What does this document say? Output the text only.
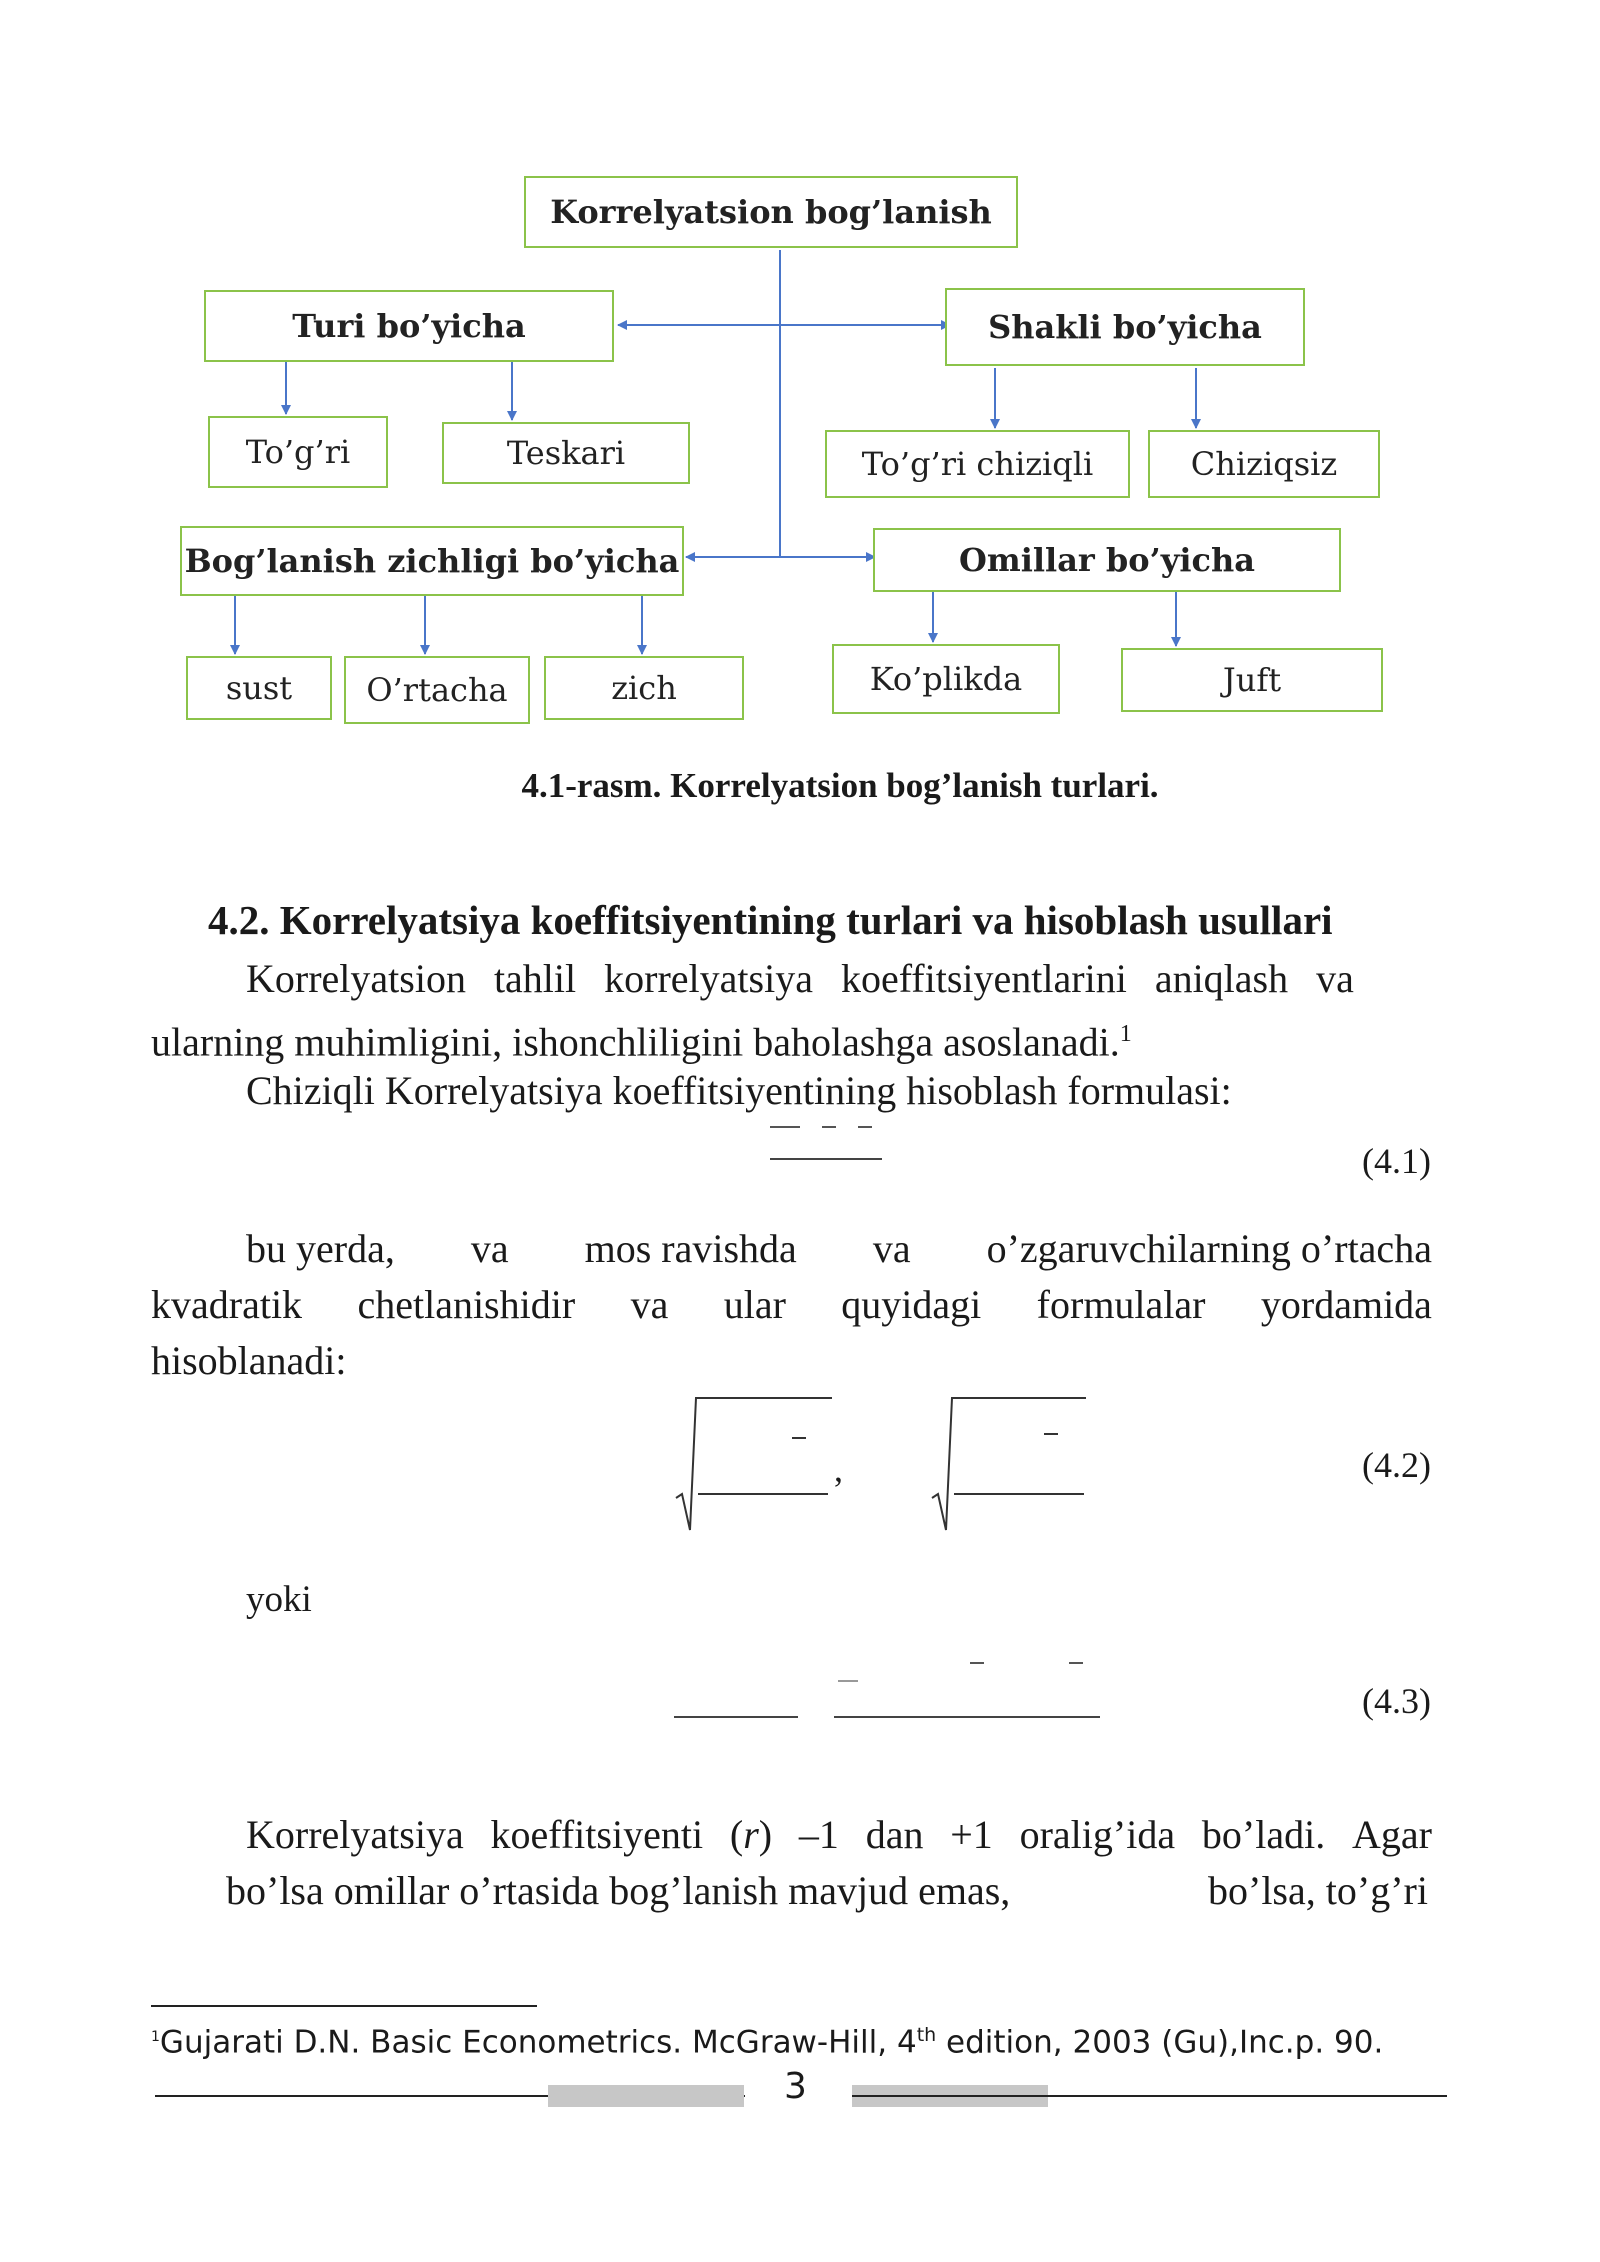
Korrelyatsion bog’lanish
Turi bo’yicha	Shakli bo’yicha
To’g’ri	Teskari	To’g’ri chiziqli	Chiziqsiz
Bog’lanish zichligi bo’yicha	Omillar bo’yicha
sust	O’rtacha	zich	Ko’plikda	Juft
4.1-rasm. Korrelyatsion bog’lanish turlari.
4.2. Korrelyatsiya koeffitsiyentining turlari va hisoblash usullari
Korrelyatsion tahlil korrelyatsiya koeffitsiyentlarini aniqlash va
ularning muhimligini, ishonchliligini baholashga asoslanadi.$^1$
Chiziqli Korrelyatsiya koeffitsiyentining hisoblash formulasi:
(4.1)
bu yerda, va mos ravishda va o’zgaruvchilarning o’rtacha
kvadratik chetlanishidir va ular quyidagi formulalar yordamida
hisoblanadi:
,	(4.2)
yoki
(4.3)
Korrelyatsiya koeffitsiyenti (r) –1 dan +1 oralig’ida bo’ladi. Agar
bo’lsa omillar o’rtasida bog’lanish mavjud emas,	bo’lsa, to’g’ri
$^1$Gujarati D.N. Basic Econometrics. McGraw-Hill, 4th edition, 2003 (Gu),Inc.p. 90.
3
